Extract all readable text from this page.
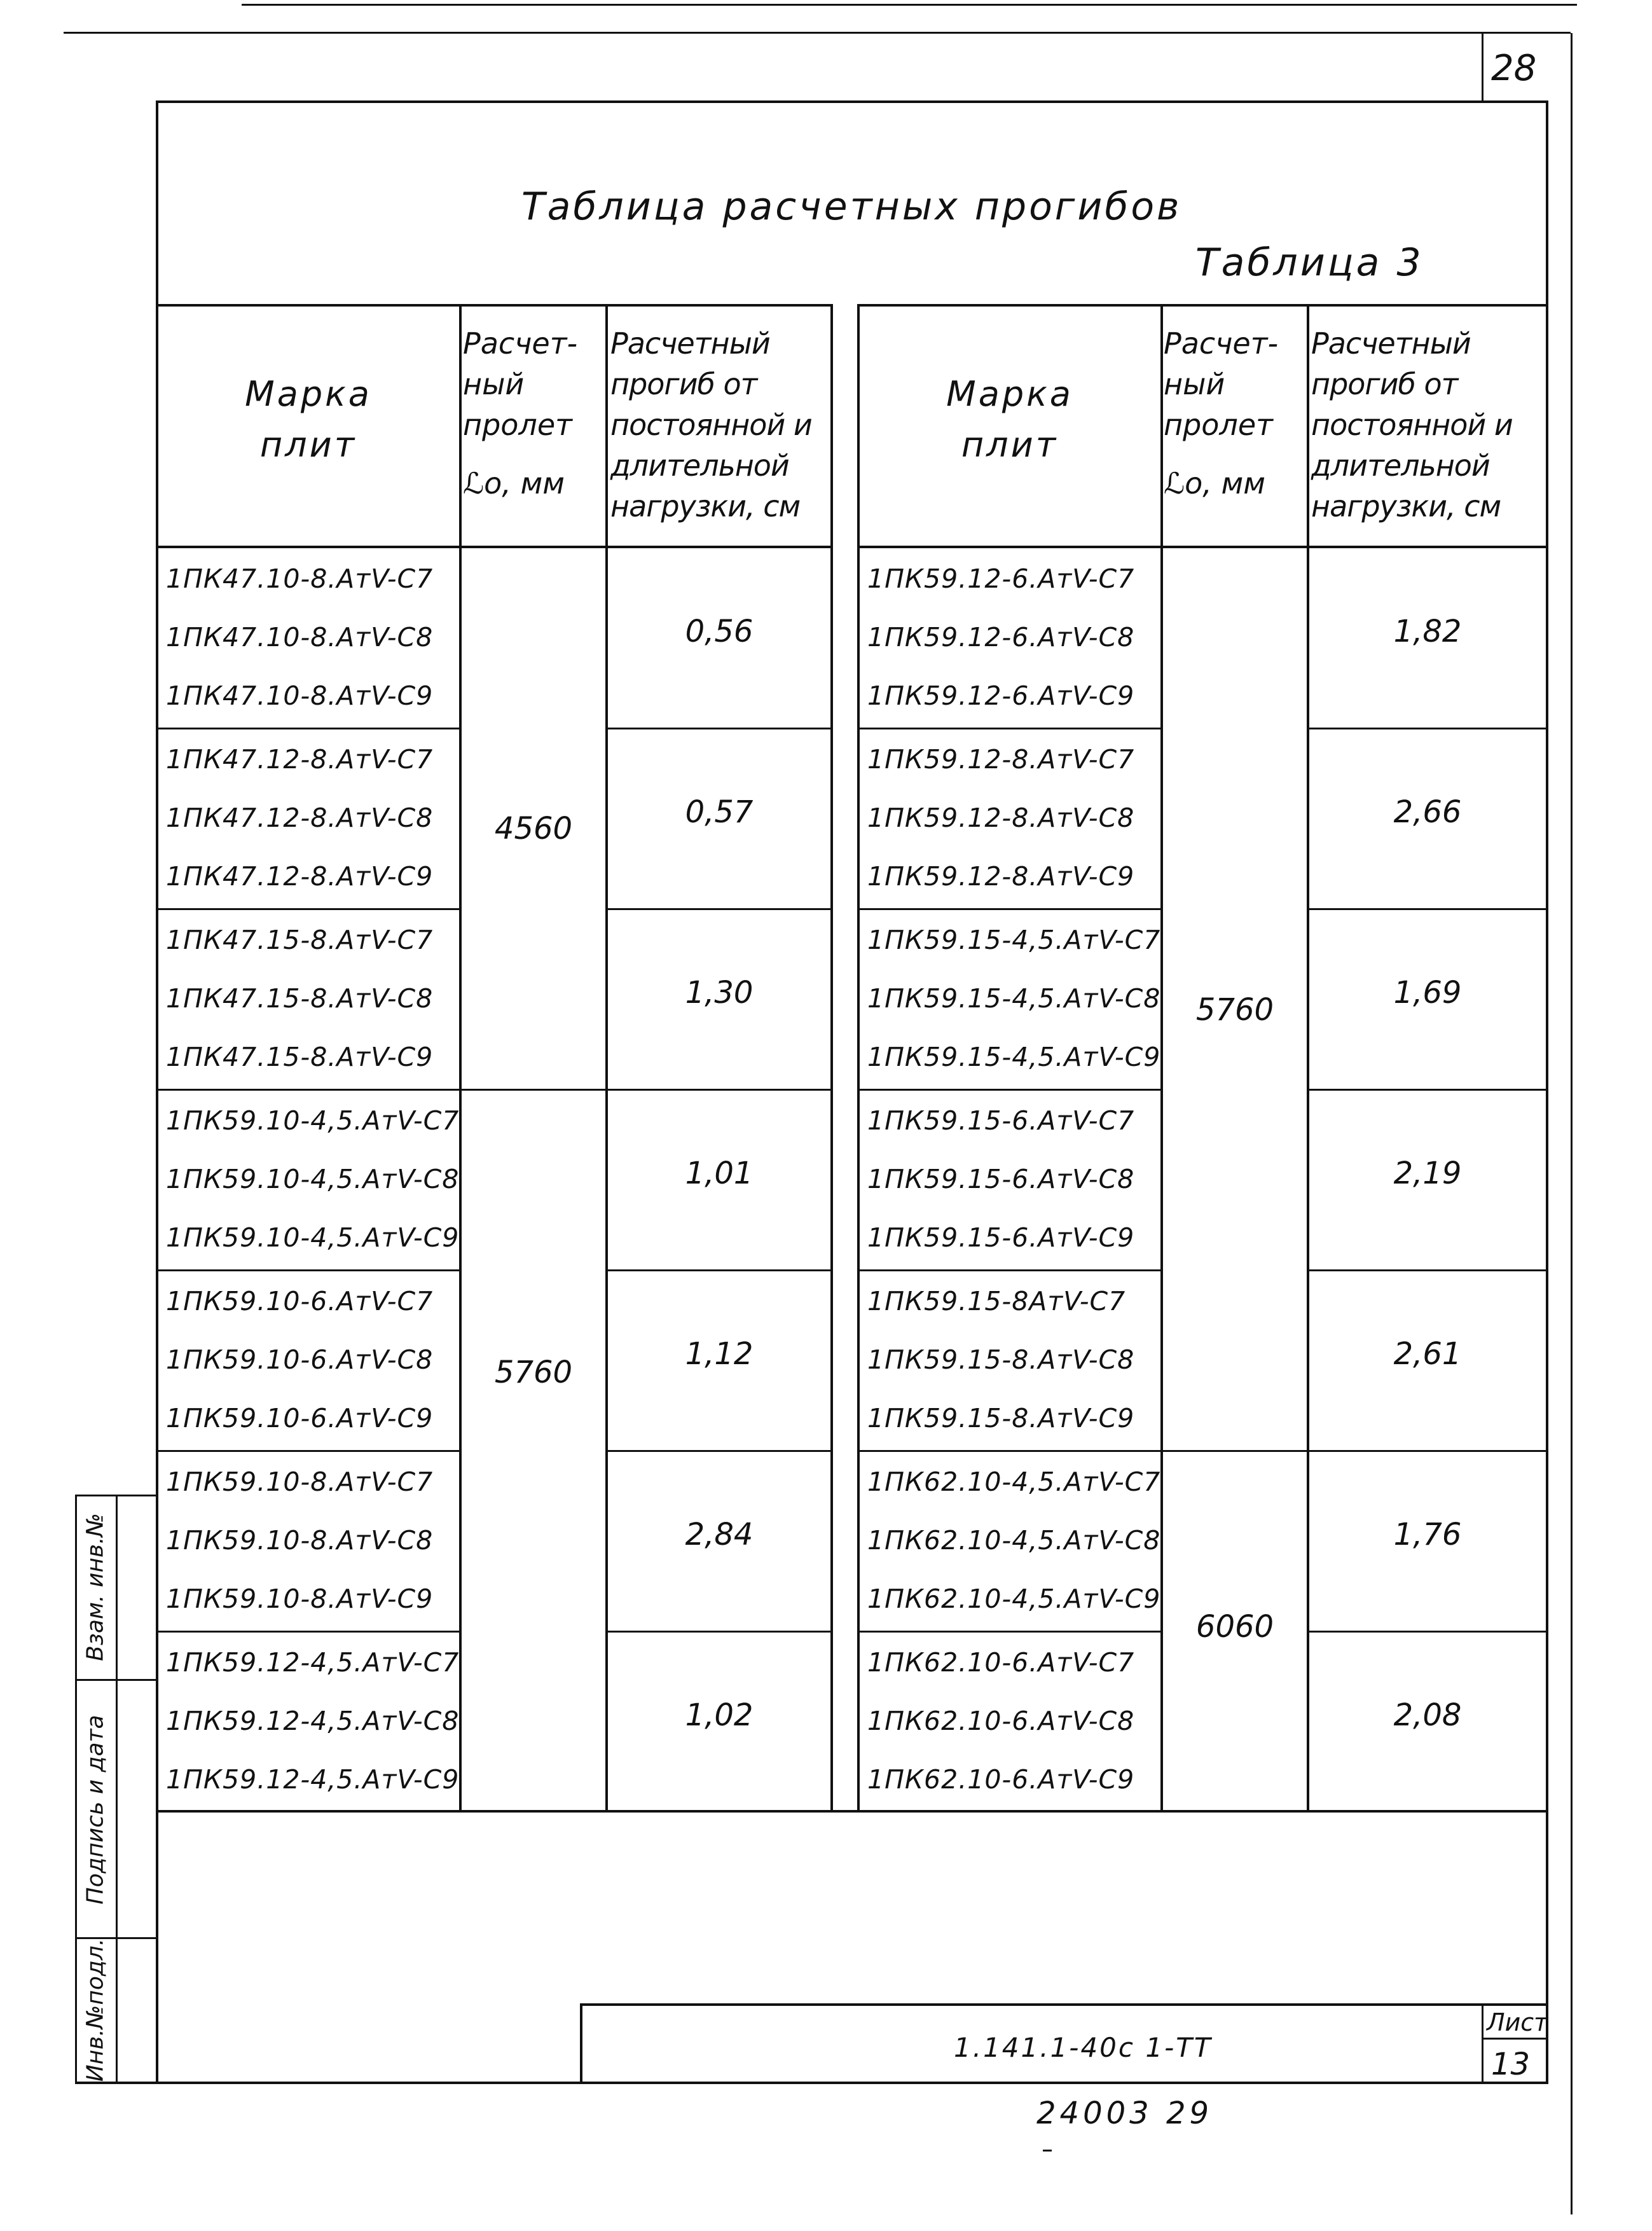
28
Таблица расчетных прогибов
Таблица 3
Марка
плит
Расчет-
ный
пролет
ℒо, мм
Расчетный
прогиб от
постоянной и
длительной
нагрузки, см
Марка
плит
Расчет-
ный
пролет
ℒо, мм
Расчетный
прогиб от
постоянной и
длительной
нагрузки, см
1ПК47.10-8.АтV-С7
1ПК47.10-8.АтV-С8
1ПК47.10-8.АтV-С9
0,56
1ПК47.12-8.АтV-С7
1ПК47.12-8.АтV-С8
1ПК47.12-8.АтV-С9
0,57
1ПК47.15-8.АтV-С7
1ПК47.15-8.АтV-С8
1ПК47.15-8.АтV-С9
1,30
1ПК59.10-4,5.АтV-С7
1ПК59.10-4,5.АтV-С8
1ПК59.10-4,5.АтV-С9
1,01
1ПК59.10-6.АтV-С7
1ПК59.10-6.АтV-С8
1ПК59.10-6.АтV-С9
1,12
1ПК59.10-8.АтV-С7
1ПК59.10-8.АтV-С8
1ПК59.10-8.АтV-С9
2,84
1ПК59.12-4,5.АтV-С7
1ПК59.12-4,5.АтV-С8
1ПК59.12-4,5.АтV-С9
1,02
4560
5760
1ПК59.12-6.АтV-С7
1ПК59.12-6.АтV-С8
1ПК59.12-6.АтV-С9
1,82
1ПК59.12-8.АтV-С7
1ПК59.12-8.АтV-С8
1ПК59.12-8.АтV-С9
2,66
1ПК59.15-4,5.АтV-С7
1ПК59.15-4,5.АтV-С8
1ПК59.15-4,5.АтV-С9
1,69
1ПК59.15-6.АтV-С7
1ПК59.15-6.АтV-С8
1ПК59.15-6.АтV-С9
2,19
1ПК59.15-8АтV-С7
1ПК59.15-8.АтV-С8
1ПК59.15-8.АтV-С9
2,61
1ПК62.10-4,5.АтV-С7
1ПК62.10-4,5.АтV-С8
1ПК62.10-4,5.АтV-С9
1,76
1ПК62.10-6.АтV-С7
1ПК62.10-6.АтV-С8
1ПК62.10-6.АтV-С9
2,08
5760
6060
Взам. инв.№
Подпись и дата
Инв.№подл.	1.141.1-40с 1-ТТ
Лист
13
24003 29
